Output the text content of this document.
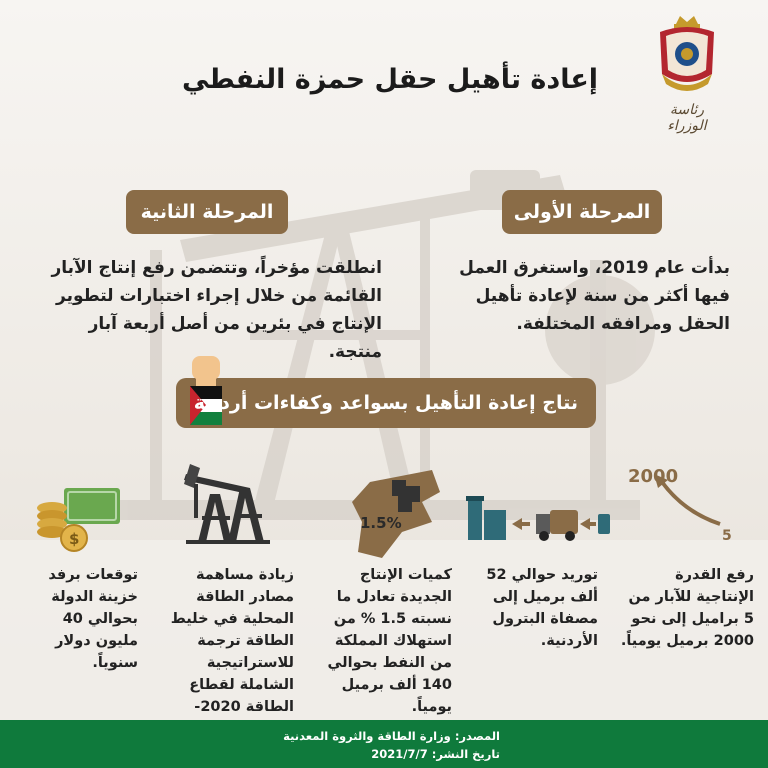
رئاسة الوزراء
إعادة تأهيل حقل حمزة النفطي
المرحلة الأولى
بدأت عام 2019، واستغرق العمل فيها أكثر من سنة لإعادة تأهيل الحقل ومرافقه المختلفة.
المرحلة الثانية
انطلقت مؤخراً، وتتضمن رفع إنتاج الآبار القائمة من خلال إجراء اختبارات لتطوير الإنتاج في بئرين من أصل أربعة آبار منتجة.
نتاج إعادة التأهيل بسواعد وكفاءات أردنية
2000
5
رفع القدرة الإنتاجية للآبار من 5 براميل إلى نحو 2000 برميل يومياً.
توريد حوالي 52 ألف برميل إلى مصفاة البترول الأردنية.
1.5%
كميات الإنتاج الجديدة تعادل ما نسبته 1.5 % من استهلاك المملكة من النفط بحوالي 140 ألف برميل يومياً.
زيادة مساهمة مصادر الطاقة المحلية في خليط الطاقة ترجمة للاستراتيجية الشاملة لقطاع الطاقة 2020-
$
توقعات برفد خزينة الدولة بحوالي 40 مليون دولار سنوياً.
المصدر: وزارة الطاقة والثروة المعدنية
تاريخ النشر: 2021/7/7
